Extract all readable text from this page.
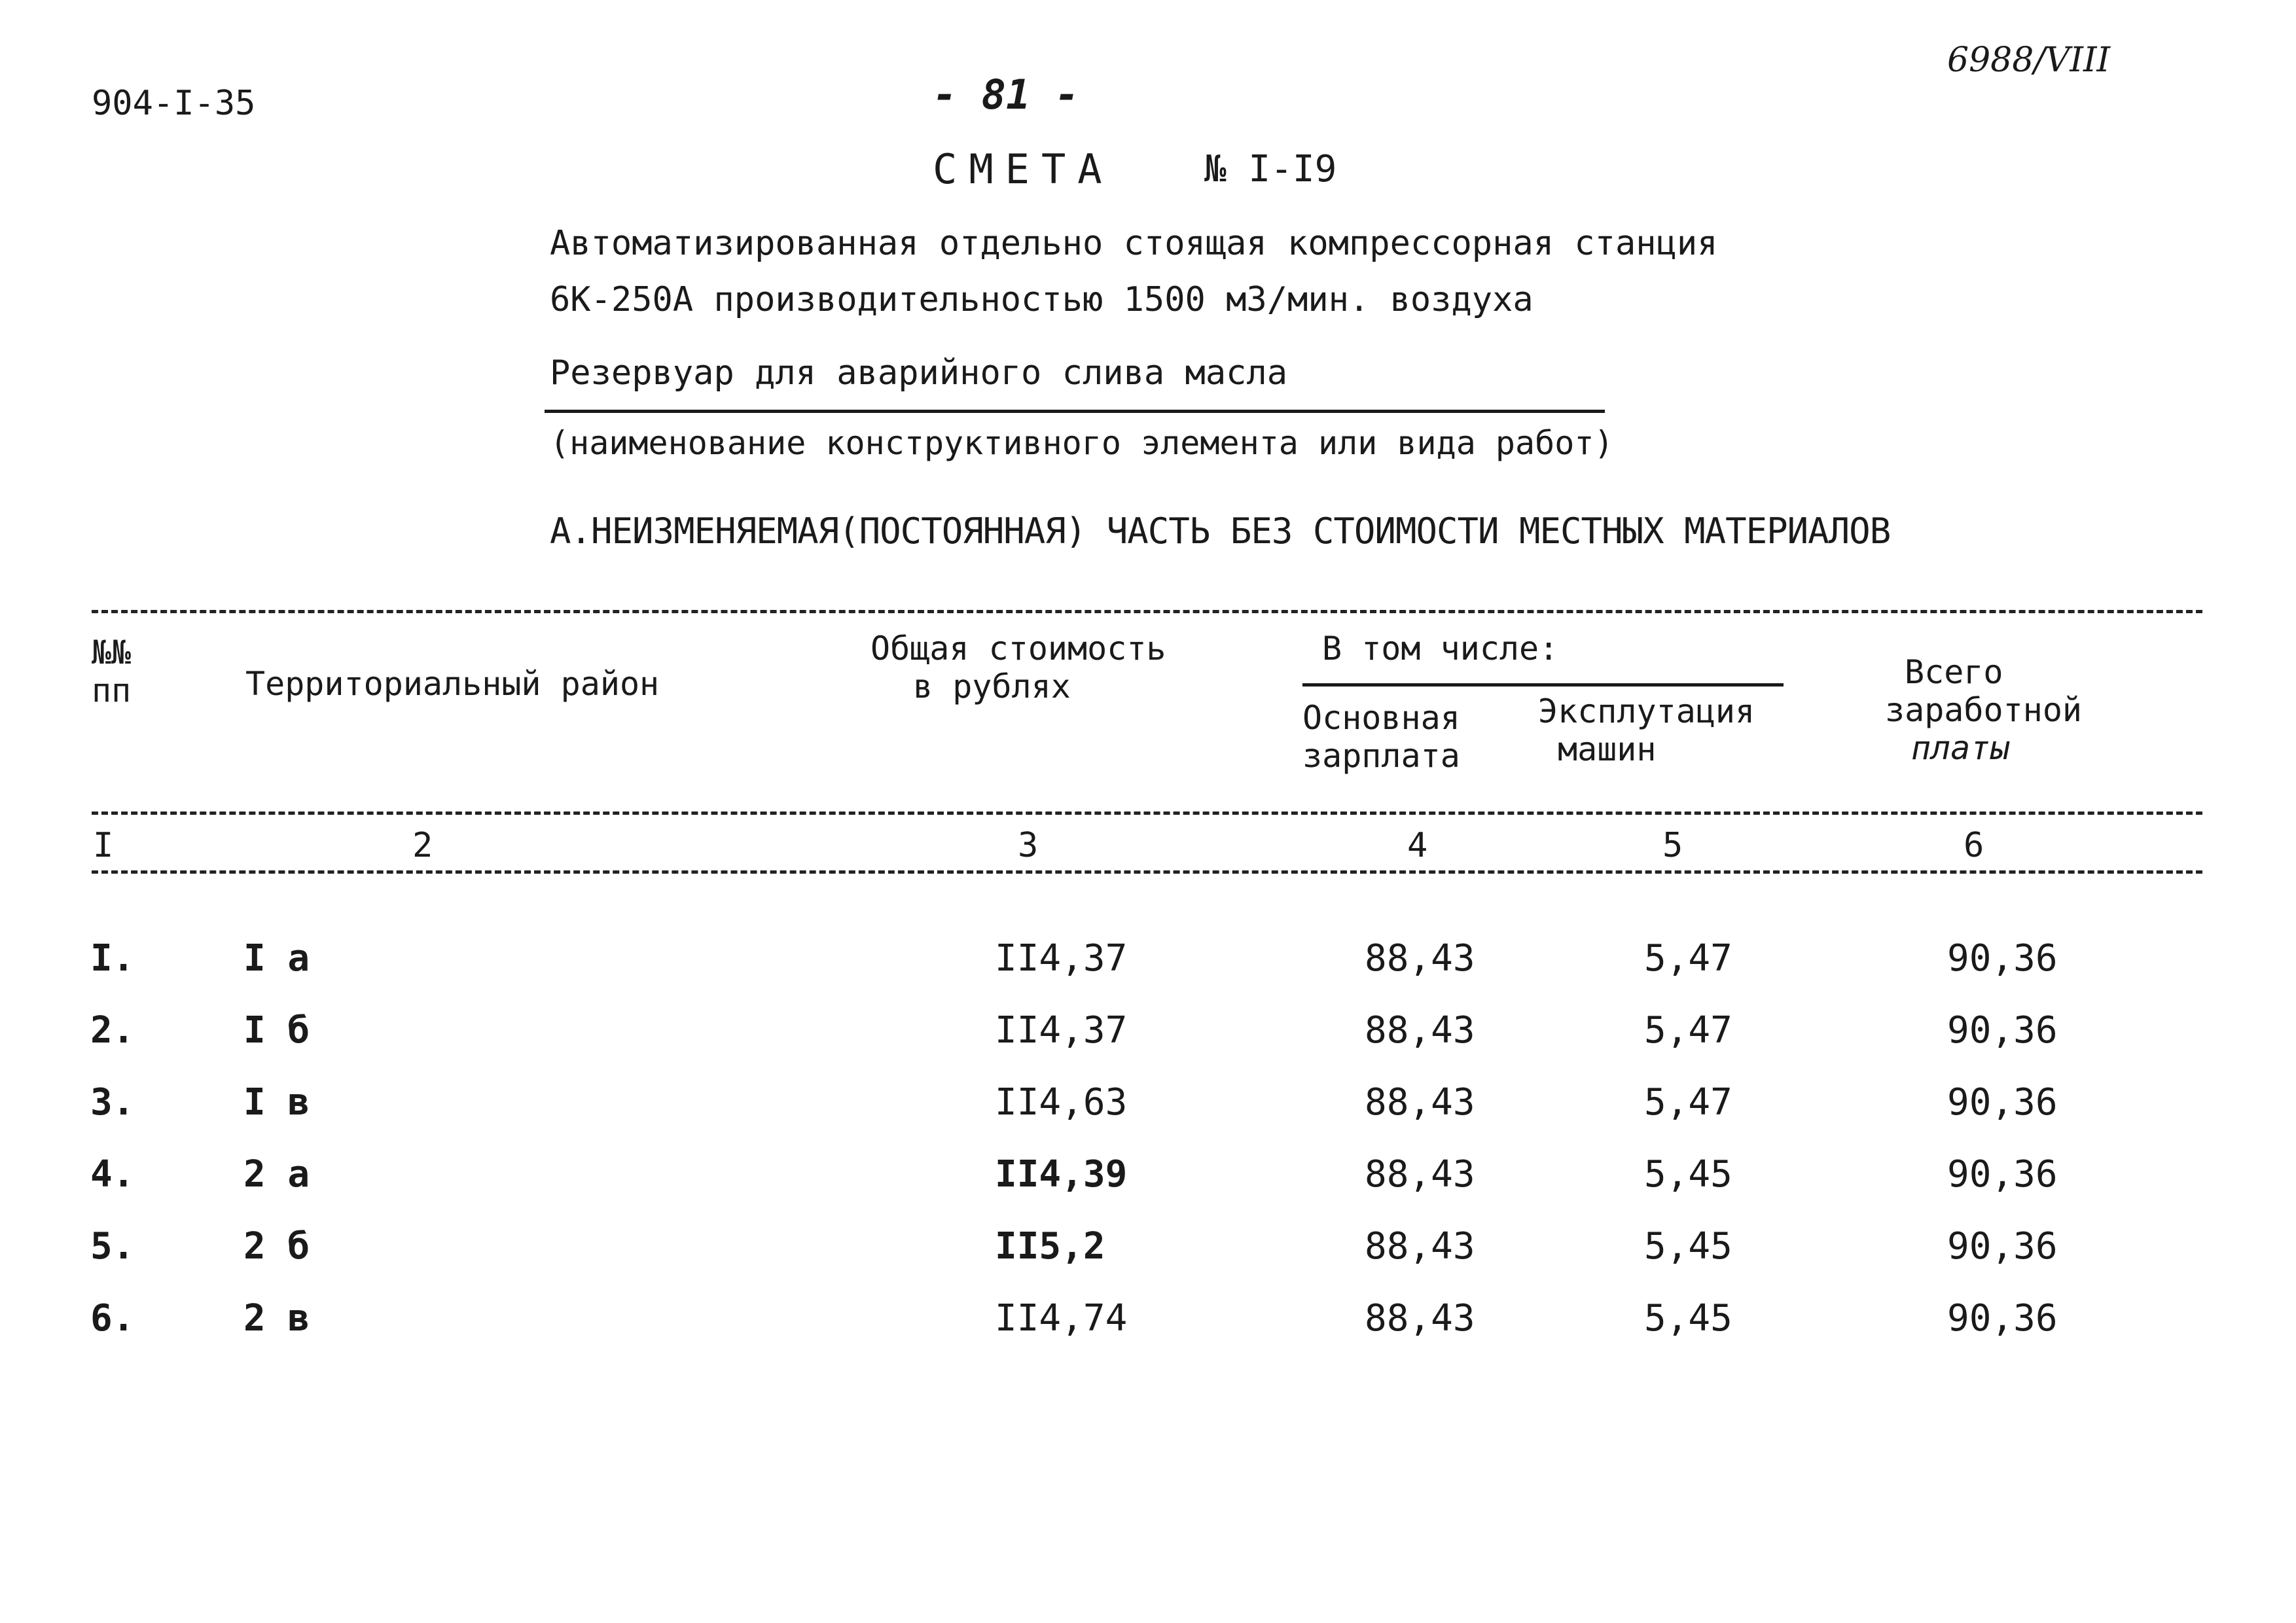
904-I-35	- 81 -
6988/VIII
СМЕТА № I-I9
Автоматизированная отдельно стоящая компрессорная станция
6К-250А производительностью 1500 м3/мин. воздуха
Резервуар для аварийного слива масла
(наименование конструктивного элемента или вида работ)
А.НЕИЗМЕНЯЕМАЯ(ПОСТОЯННАЯ) ЧАСТЬ БЕЗ СТОИМОСТИ МЕСТНЫХ МАТЕРИАЛОВ
№№
пп	Территориальный район
Общая стоимость
в рублях
В том числе:
Основная
зарплата
Эксплутация
машин
Всего
заработной
платы
I	2	3	4	5	6
I.	I а	II4,37	88,43	5,47	90,36
2.	I б	II4,37	88,43	5,47	90,36
3.	I в	II4,63	88,43	5,47	90,36
4.	2 а	II4,39	88,43	5,45	90,36
5.	2 б	II5,2	88,43	5,45	90,36
6.	2 в	II4,74	88,43	5,45	90,36
